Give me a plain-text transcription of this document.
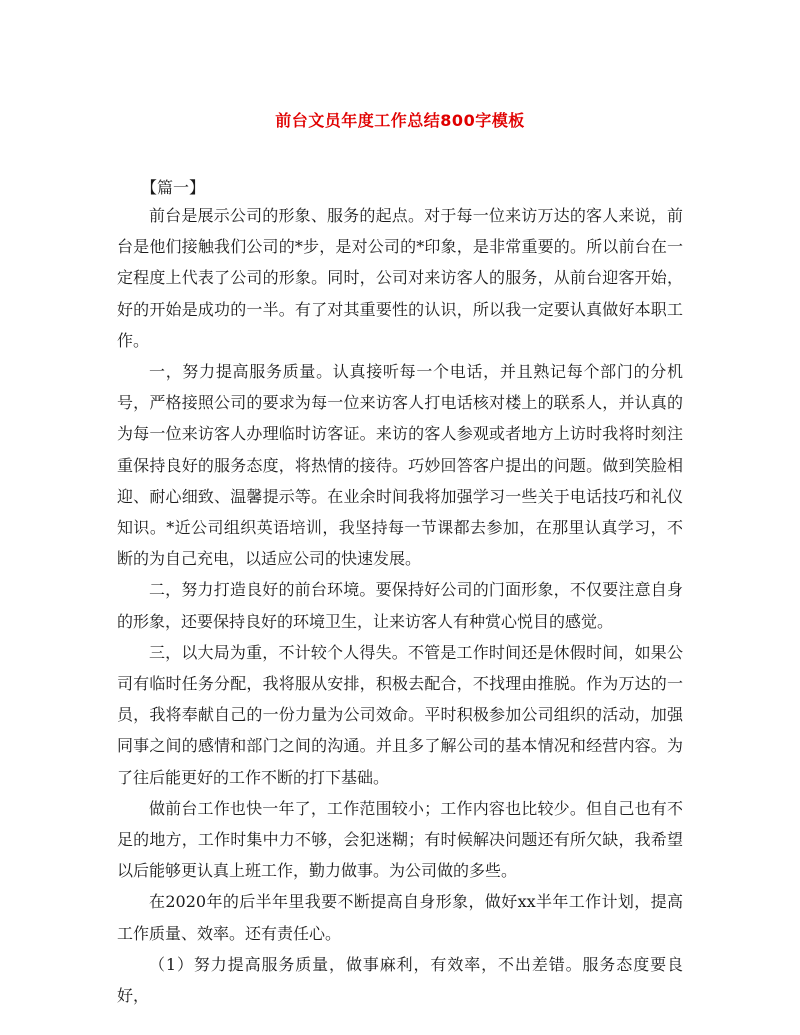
前台文员年度工作总结800字模板
【篇一】

前台是展示公司的形象、服务的起点。对于每一位来访万达的客人来说，前台是他们接触我们公司的*步，是对公司的*印象，是非常重要的。所以前台在一定程度上代表了公司的形象。同时，公司对来访客人的服务，从前台迎客开始，好的开始是成功的一半。有了对其重要性的认识，所以我一定要认真做好本职工作。

一，努力提高服务质量。认真接听每一个电话，并且熟记每个部门的分机号，严格接照公司的要求为每一位来访客人打电话核对楼上的联系人，并认真的为每一位来访客人办理临时访客证。来访的客人参观或者地方上访时我将时刻注重保持良好的服务态度，将热情的接待。巧妙回答客户提出的问题。做到笑脸相迎、耐心细致、温馨提示等。在业余时间我将加强学习一些关于电话技巧和礼仪知识。*近公司组织英语培训，我坚持每一节课都去参加，在那里认真学习，不断的为自己充电，以适应公司的快速发展。

二，努力打造良好的前台环境。要保持好公司的门面形象，不仅要注意自身的形象，还要保持良好的环境卫生，让来访客人有种赏心悦目的感觉。

三，以大局为重，不计较个人得失。不管是工作时间还是休假时间，如果公司有临时任务分配，我将服从安排，积极去配合，不找理由推脱。作为万达的一员，我将奉献自己的一份力量为公司效命。平时积极参加公司组织的活动，加强同事之间的感情和部门之间的沟通。并且多了解公司的基本情况和经营内容。为了往后能更好的工作不断的打下基础。

做前台工作也快一年了，工作范围较小；工作内容也比较少。但自己也有不足的地方，工作时集中力不够，会犯迷糊；有时候解决问题还有所欠缺，我希望以后能够更认真上班工作，勤力做事。为公司做的多些。

在2020年的后半年里我要不断提高自身形象，做好xx半年工作计划，提高工作质量、效率。还有责任心。

（1）努力提高服务质量，做事麻利，有效率，不出差错。服务态度要良好，
